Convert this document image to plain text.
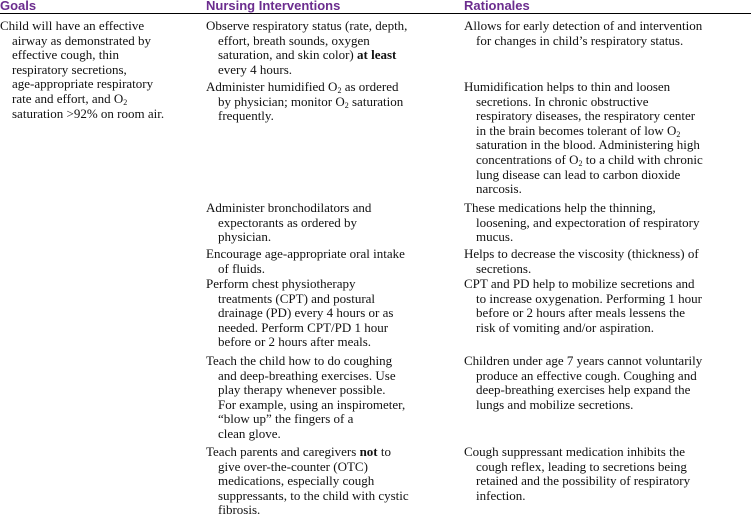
Goals	Nursing Interventions	Rationales
Child will have an effective
airway as demonstrated by
effective cough, thin
respiratory secretions,
age-appropriate respiratory
rate and effort, and $O_2$
saturation >92% on room air.
Observe respiratory status (rate, depth,
effort, breath sounds, oxygen
saturation, and skin color) at least
every 4 hours.
Allows for early detection of and intervention
for changes in child’s respiratory status.
Administer humidified $O_2$ as ordered
by physician; monitor $O_2$ saturation
frequently.
Humidification helps to thin and loosen
secretions. In chronic obstructive
respiratory diseases, the respiratory center
in the brain becomes tolerant of low $O_2$
saturation in the blood. Administering high
concentrations of $O_2$ to a child with chronic
lung disease can lead to carbon dioxide
narcosis.
Administer bronchodilators and
expectorants as ordered by
physician.
These medications help the thinning,
loosening, and expectoration of respiratory
mucus.
Encourage age-appropriate oral intake
of fluids.
Helps to decrease the viscosity (thickness) of
secretions.
Perform chest physiotherapy
treatments (CPT) and postural
drainage (PD) every 4 hours or as
needed. Perform CPT/PD 1 hour
before or 2 hours after meals.
CPT and PD help to mobilize secretions and
to increase oxygenation. Performing 1 hour
before or 2 hours after meals lessens the
risk of vomiting and/or aspiration.
Teach the child how to do coughing
and deep-breathing exercises. Use
play therapy whenever possible.
For example, using an inspirometer,
“blow up” the fingers of a
clean glove.
Children under age 7 years cannot voluntarily
produce an effective cough. Coughing and
deep-breathing exercises help expand the
lungs and mobilize secretions.
Teach parents and caregivers not to
give over-the-counter (OTC)
medications, especially cough
suppressants, to the child with cystic
fibrosis.
Cough suppressant medication inhibits the
cough reflex, leading to secretions being
retained and the possibility of respiratory
infection.
